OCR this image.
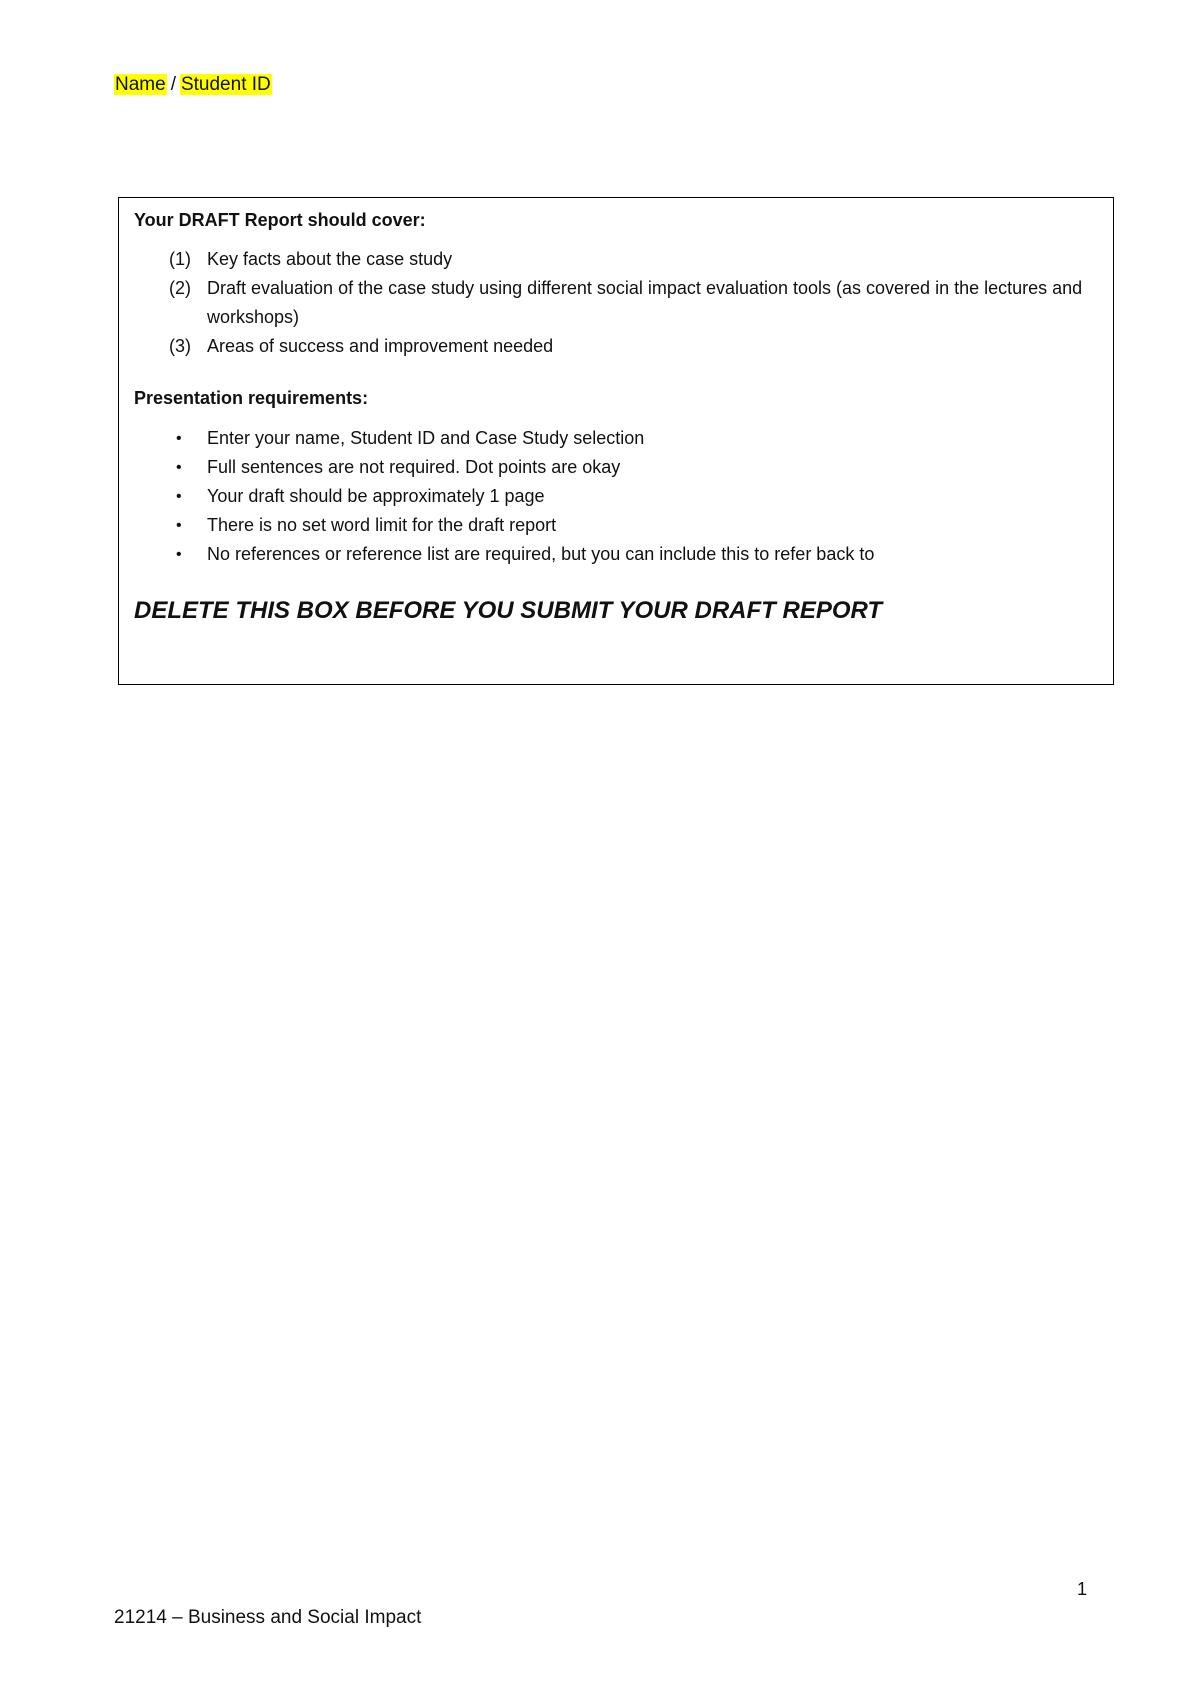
Name / Student ID
Your DRAFT Report should cover:
(1) Key facts about the case study
(2) Draft evaluation of the case study using different social impact evaluation tools (as covered in the lectures and workshops)
(3) Areas of success and improvement needed
Presentation requirements:
• Enter your name, Student ID and Case Study selection
• Full sentences are not required. Dot points are okay
• Your draft should be approximately 1 page
• There is no set word limit for the draft report
• No references or reference list are required, but you can include this to refer back to
DELETE THIS BOX BEFORE YOU SUBMIT YOUR DRAFT REPORT
1
21214 – Business and Social Impact
